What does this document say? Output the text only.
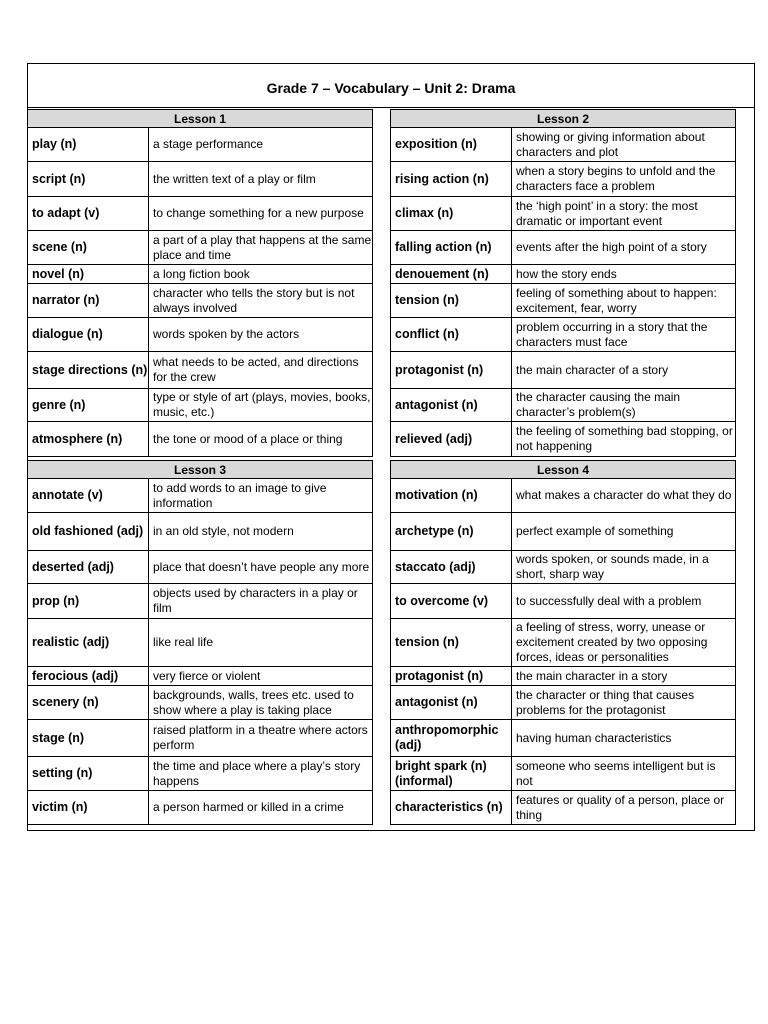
Grade 7 – Vocabulary – Unit 2: Drama
Lesson 1	
play (n)	a stage performance
script (n)	the written text of a play or film
to adapt (v)	to change something for a new purpose
scene (n)	a part of a play that happens at the same place and time
novel (n)	a long fiction book
narrator (n)	character who tells the story but is not always involved
dialogue (n)	words spoken by the actors
stage directions (n)	what needs to be acted, and directions for the crew
genre (n)	type or style of art (plays, movies, books, music, etc.)
atmosphere (n)	the tone or mood of a place or thing
Lesson 2	
exposition (n)	showing or giving information about characters and plot
rising action (n)	when a story begins to unfold and the characters face a problem
climax (n)	the ‘high point’ in a story: the most dramatic or important event
falling action (n)	events after the high point of a story
denouement (n)	how the story ends
tension (n)	feeling of something about to happen: excitement, fear, worry
conflict (n)	problem occurring in a story that the characters must face
protagonist (n)	the main character of a story
antagonist (n)	the character causing the main character’s problem(s)
relieved (adj)	the feeling of something bad stopping, or not happening
Lesson 3	
annotate (v)	to add words to an image to give information
old fashioned (adj)	in an old style, not modern
deserted (adj)	place that doesn’t have people any more
prop (n)	objects used by characters in a play or film
realistic (adj)	like real life
ferocious (adj)	very fierce or violent
scenery (n)	backgrounds, walls, trees etc. used to show where a play is taking place
stage (n)	raised platform in a theatre where actors perform
setting (n)	the time and place where a play’s story happens
victim (n)	a person harmed or killed in a crime
Lesson 4	
motivation (n)	what makes a character do what they do
archetype (n)	perfect example of something
staccato (adj)	words spoken, or sounds made, in a short, sharp way
to overcome (v)	to successfully deal with a problem
tension (n)	a feeling of stress, worry, unease or excitement created by two opposing forces, ideas or personalities
protagonist (n)	the main character in a story
antagonist (n)	the character or thing that causes problems for the protagonist
anthropomorphic (adj)	having human characteristics
bright spark (n)(informal)	someone who seems intelligent but is not
characteristics (n)	features or quality of a person, place or thing
